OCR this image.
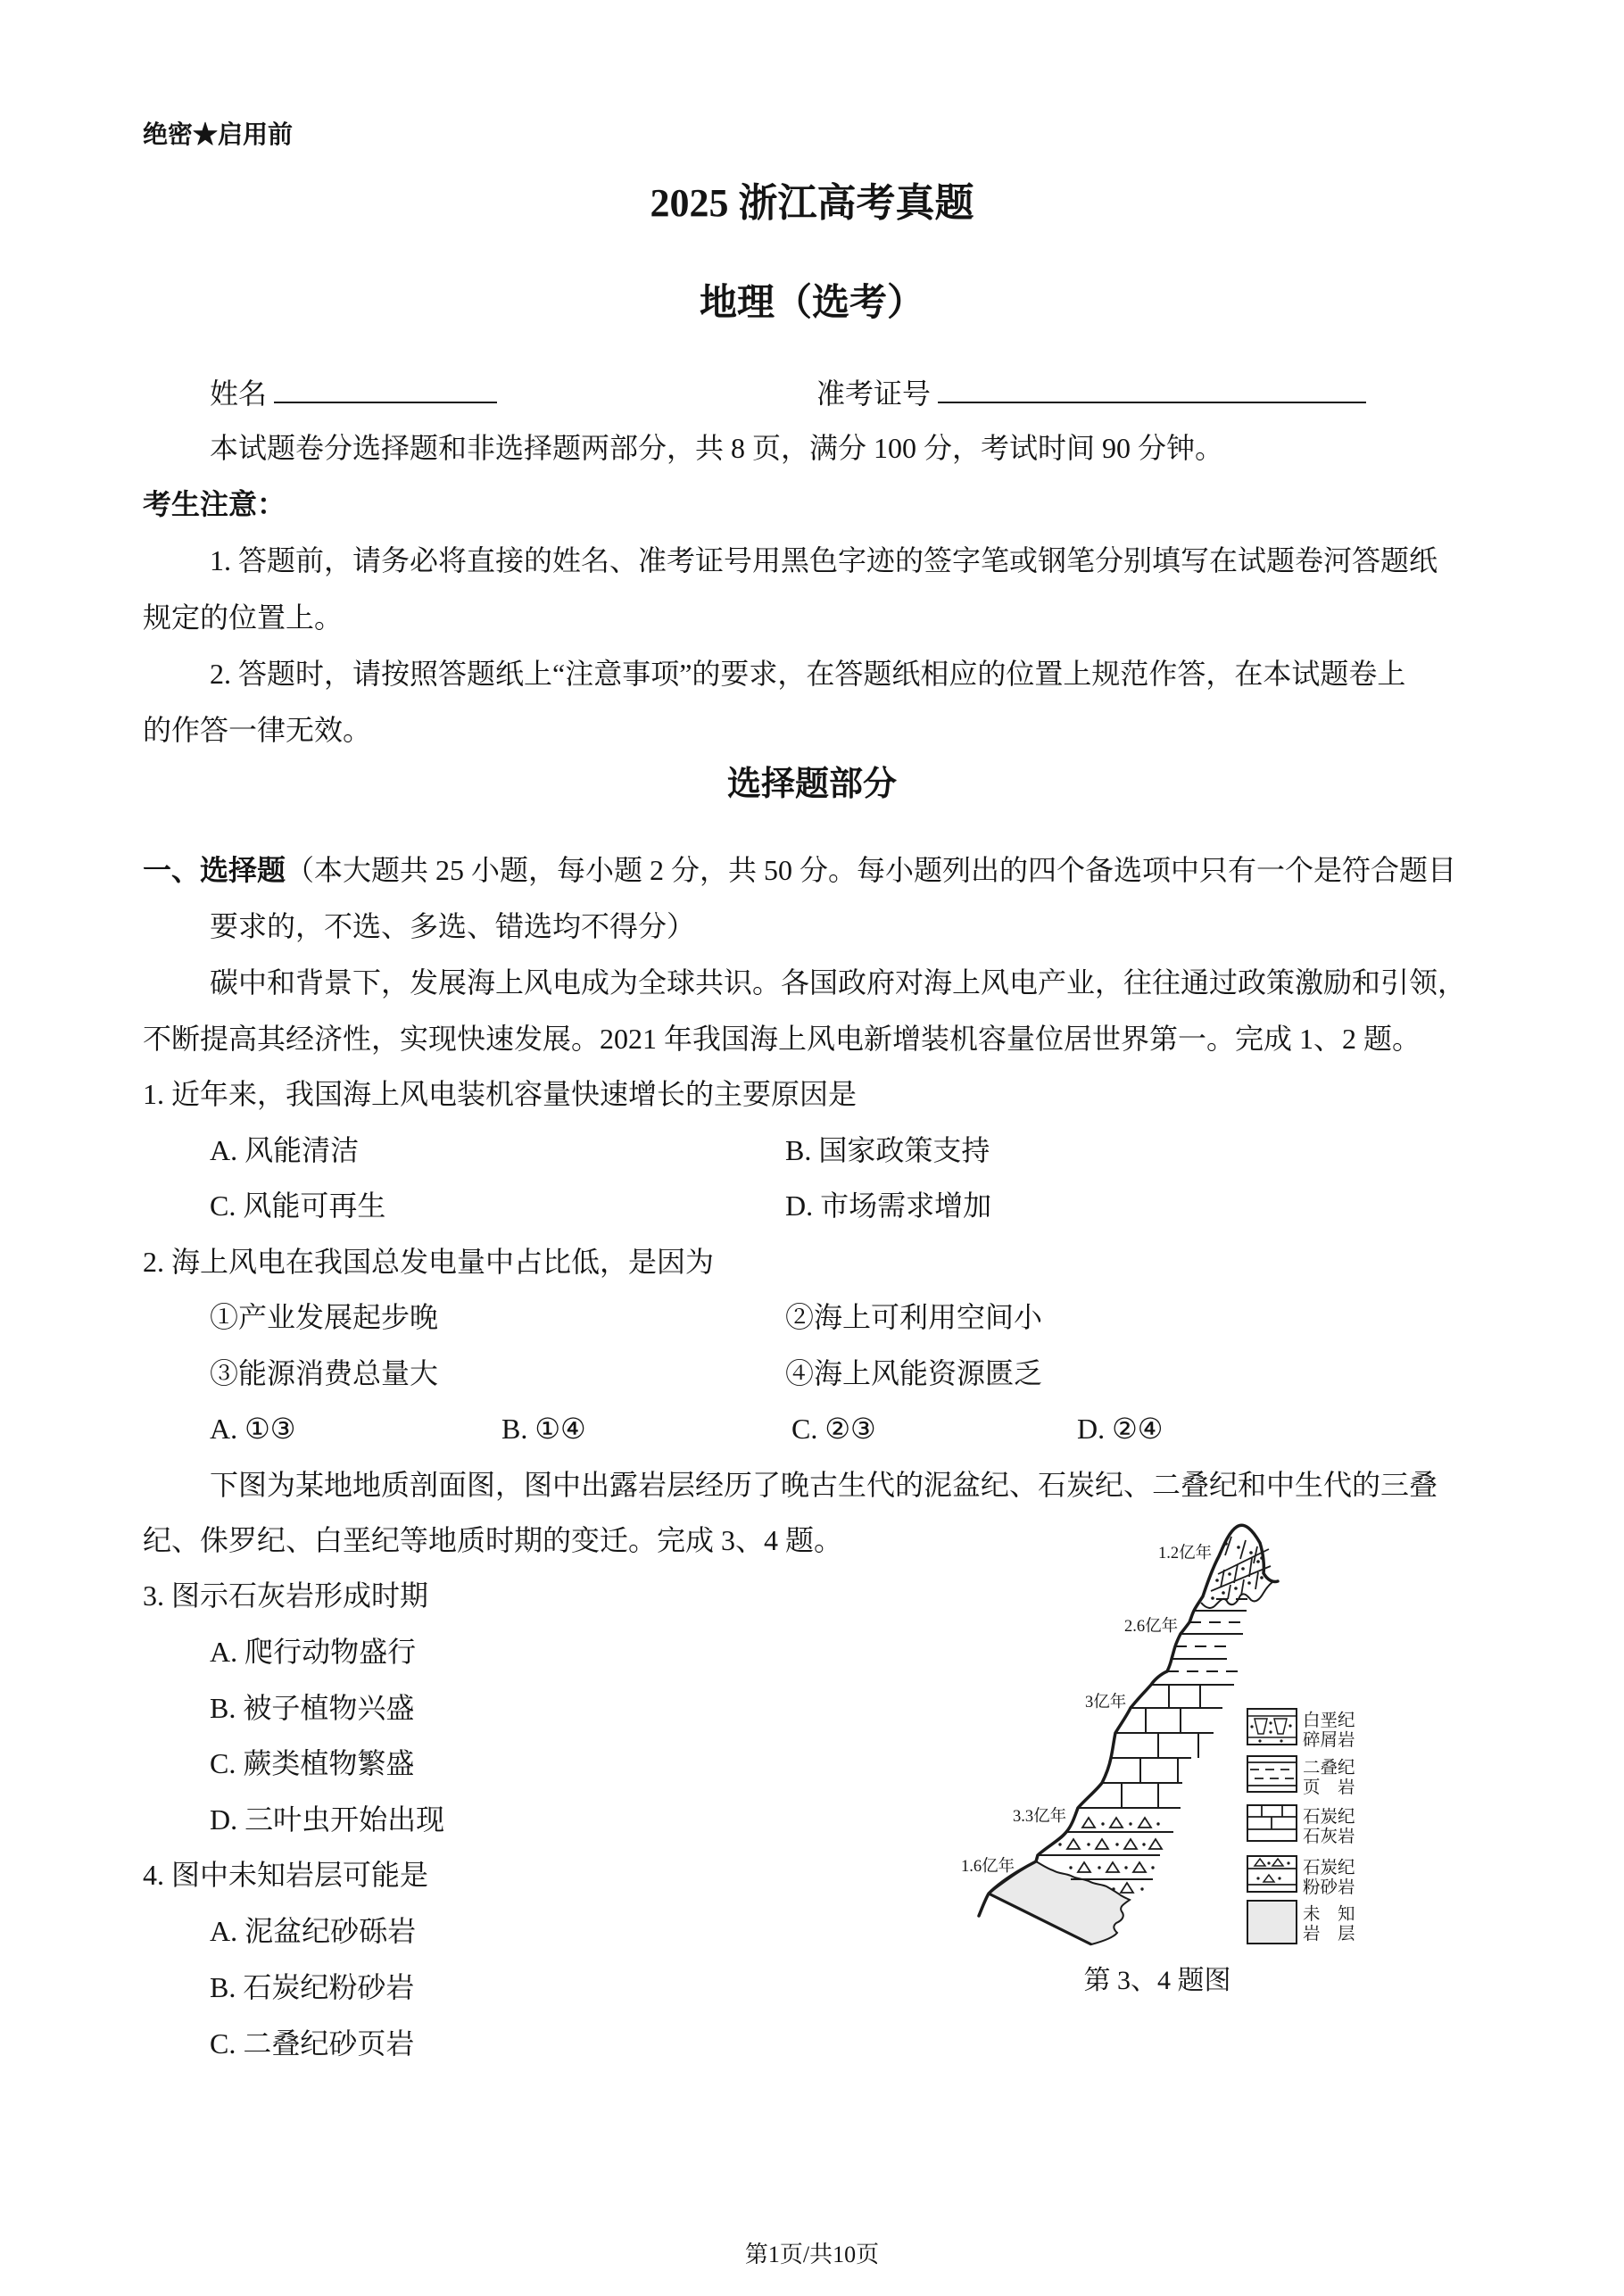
绝密★启用前
2025 浙江高考真题
地理（选考）
姓名	准考证号
本试题卷分选择题和非选择题两部分，共 8 页，满分 100 分，考试时间 90 分钟。
考生注意：
1. 答题前，请务必将直接的姓名、准考证号用黑色字迹的签字笔或钢笔分别填写在试题卷河答题纸
规定的位置上。
2. 答题时，请按照答题纸上“注意事项”的要求，在答题纸相应的位置上规范作答，在本试题卷上
的作答一律无效。
选择题部分
一、选择题（本大题共 25 小题，每小题 2 分，共 50 分。每小题列出的四个备选项中只有一个是符合题目
要求的，不选、多选、错选均不得分）
碳中和背景下，发展海上风电成为全球共识。各国政府对海上风电产业，往往通过政策激励和引领，
不断提高其经济性，实现快速发展。2021 年我国海上风电新增装机容量位居世界第一。完成 1、2 题。
1. 近年来，我国海上风电装机容量快速增长的主要原因是
A. 风能清洁	B. 国家政策支持
C. 风能可再生	D. 市场需求增加
2. 海上风电在我国总发电量中占比低，是因为
①产业发展起步晚	②海上可利用空间小
③能源消费总量大	④海上风能资源匮乏
A. ①③	B. ①④	C. ②③	D. ②④
下图为某地地质剖面图，图中出露岩层经历了晚古生代的泥盆纪、石炭纪、二叠纪和中生代的三叠
纪、侏罗纪、白垩纪等地质时期的变迁。完成 3、4 题。
3. 图示石灰岩形成时期
A. 爬行动物盛行
B. 被子植物兴盛
C. 蕨类植物繁盛
D. 三叶虫开始出现
4. 图中未知岩层可能是
A. 泥盆纪砂砾岩
B. 石炭纪粉砂岩
C. 二叠纪砂页岩
1.2亿年
2.6亿年
3亿年
3.3亿年
1.6亿年
白垩纪
碎屑岩
二叠纪
页　岩
石炭纪
石灰岩
石炭纪
粉砂岩
未　知
岩　层
第 3、4 题图
第1页/共10页
